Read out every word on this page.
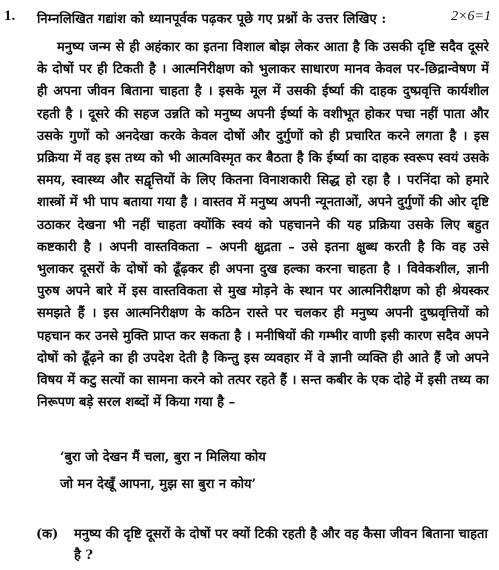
1. निम्नलिखित गद्यांश को ध्यानपूर्वक पढ़कर पूछे गए प्रश्नों के उत्तर लिखिए :	2×6=1
मनुष्य जन्म से ही अहंकार का इतना विशाल बोझ लेकर आता है कि उसकी दृष्टि सदैव दूसरे के दोषों पर ही टिकती है । आत्मनिरीक्षण को भुलाकर साधारण मानव केवल पर-छिद्रान्वेषण में ही अपना जीवन बिताना चाहता है । इसके मूल में उसकी ईर्ष्या की दाहक दुष्प्रवृत्ति कार्यशील रहती है । दूसरे की सहज उन्नति को मनुष्य अपनी ईर्ष्या के वशीभूत होकर पचा नहीं पाता और उसके गुणों को अनदेखा करके केवल दोषों और दुर्गुणों को ही प्रचारित करने लगता है । इस प्रक्रिया में वह इस तथ्य को भी आत्मविस्मृत कर बैठता है कि ईर्ष्या का दाहक स्वरूप स्वयं उसके समय, स्वास्थ्य और सद्वृत्तियों के लिए कितना विनाशकारी सिद्ध हो रहा है । परनिंदा को हमारे शास्त्रों में भी पाप बताया गया है । वास्तव में मनुष्य अपनी न्यूनताओं, अपने दुर्गुणों की ओर दृष्टि उठाकर देखना भी नहीं चाहता क्योंकि स्वयं को पहचानने की यह प्रक्रिया उसके लिए बहुत कष्टकारी है । अपनी वास्तविकता – अपनी क्षुद्रता – उसे इतना क्षुब्ध करती है कि वह उसे भुलाकर दूसरों के दोषों को ढूँढ़कर ही अपना दुख हल्का करना चाहता है । विवेकशील, ज्ञानी पुरुष अपने बारे में इस वास्तविकता से मुख मोड़ने के स्थान पर आत्मनिरीक्षण को ही श्रेयस्कर समझते हैं । इस आत्मनिरीक्षण के कठिन रास्ते पर चलकर ही मनुष्य अपनी दुष्प्रवृत्तियों को पहचान कर उनसे मुक्ति प्राप्त कर सकता है । मनीषियों की गम्भीर वाणी इसी कारण सदैव अपने दोषों को ढूँढ़ने का ही उपदेश देती है किन्तु इस व्यवहार में वे ज्ञानी व्यक्ति ही आते हैं जो अपने विषय में कटु सत्यों का सामना करने को तत्पर रहते हैं । सन्त कबीर के एक दोहे में इसी तथ्य का निरूपण बड़े सरल शब्दों में किया गया है –
‘बुरा जो देखन मैं चला, बुरा न मिलिया कोय
जो मन देखूँ आपना, मुझ सा बुरा न कोय’
(क) मनुष्य की दृष्टि दूसरों के दोषों पर क्यों टिकी रहती है और वह कैसा जीवन बिताना चाहता है ?
